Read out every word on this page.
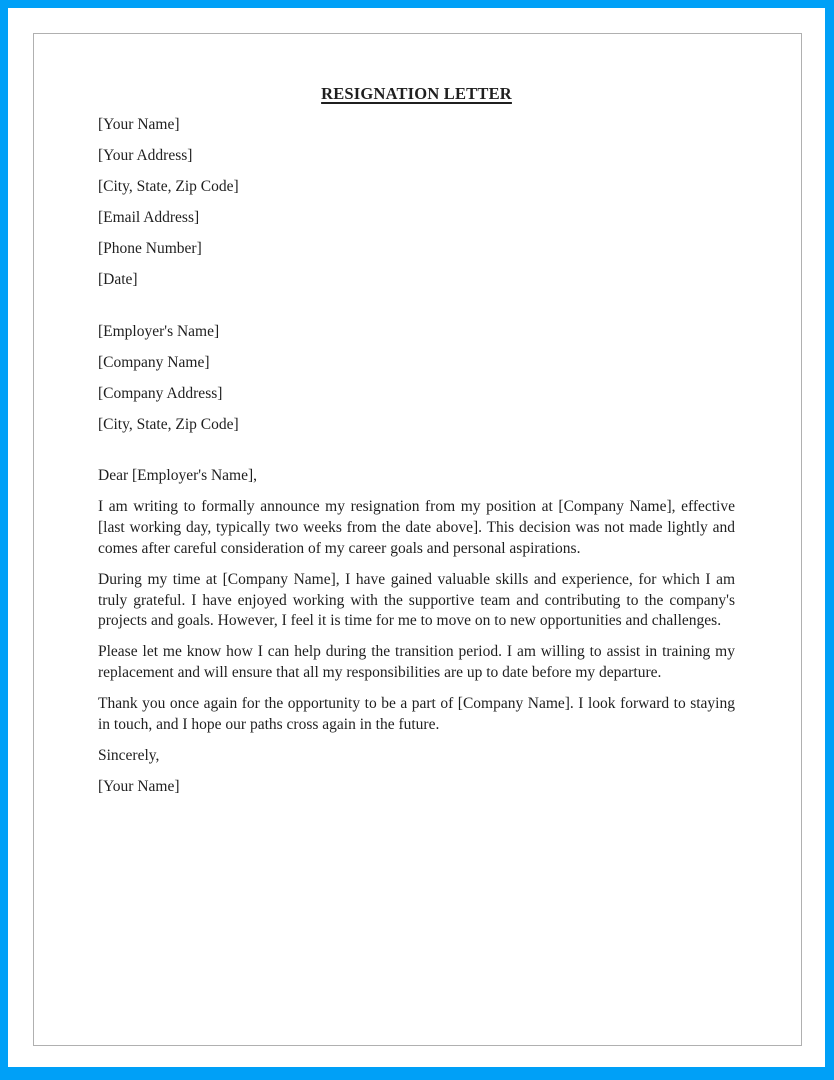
RESIGNATION LETTER

[Your Name]

[Your Address]

[City, State, Zip Code]

[Email Address]

[Phone Number]

[Date]

[Employer's Name]

[Company Name]

[Company Address]

[City, State, Zip Code]

Dear [Employer's Name],

I am writing to formally announce my resignation from my position at [Company Name], effective [last working day, typically two weeks from the date above]. This decision was not made lightly and comes after careful consideration of my career goals and personal aspirations.

During my time at [Company Name], I have gained valuable skills and experience, for which I am truly grateful. I have enjoyed working with the supportive team and contributing to the company's projects and goals. However, I feel it is time for me to move on to new opportunities and challenges.

Please let me know how I can help during the transition period. I am willing to assist in training my replacement and will ensure that all my responsibilities are up to date before my departure.

Thank you once again for the opportunity to be a part of [Company Name]. I look forward to staying in touch, and I hope our paths cross again in the future.

Sincerely,

[Your Name]
